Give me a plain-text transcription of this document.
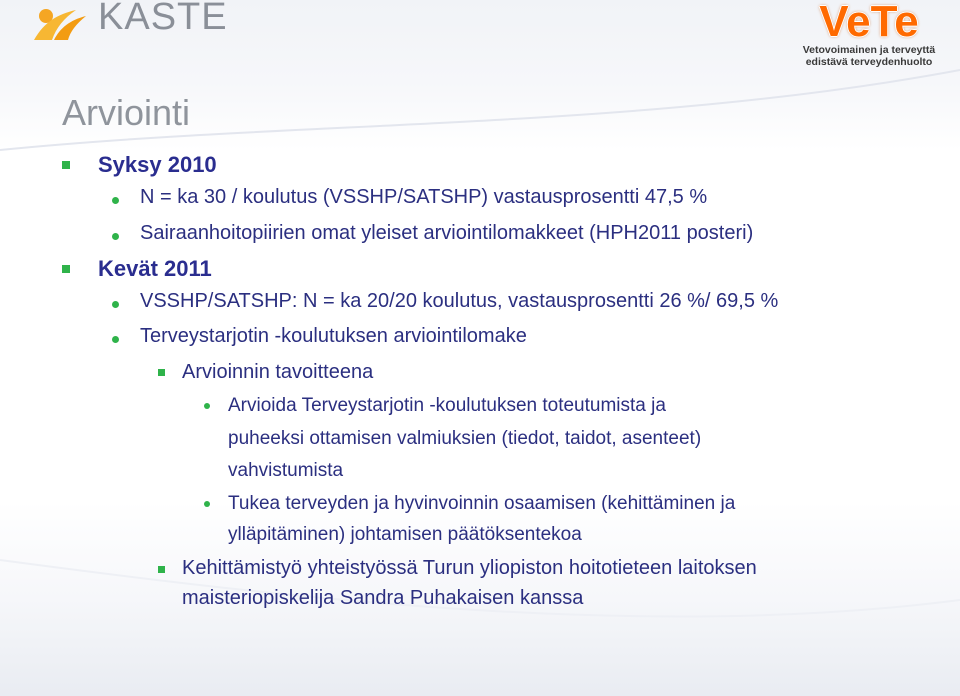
KASTE	VeTe
Vetovoimainen ja terveyttä
edistävä terveydenhuolto
Arviointi
Syksy 2010
N = ka 30 / koulutus (VSSHP/SATSHP) vastausprosentti 47,5 %
Sairaanhoitopiirien omat yleiset arviointilomakkeet (HPH2011 posteri)
Kevät 2011
VSSHP/SATSHP: N = ka 20/20 koulutus, vastausprosentti 26 %/ 69,5 %
Terveystarjotin -koulutuksen arviointilomake
Arvioinnin tavoitteena
Arvioida Terveystarjotin -koulutuksen toteutumista ja
puheeksi ottamisen valmiuksien (tiedot, taidot, asenteet)
vahvistumista
Tukea terveyden ja hyvinvoinnin osaamisen (kehittäminen ja
ylläpitäminen) johtamisen päätöksentekoa
Kehittämistyö yhteistyössä Turun yliopiston hoitotieteen laitoksen
maisteriopiskelija Sandra Puhakaisen kanssa
